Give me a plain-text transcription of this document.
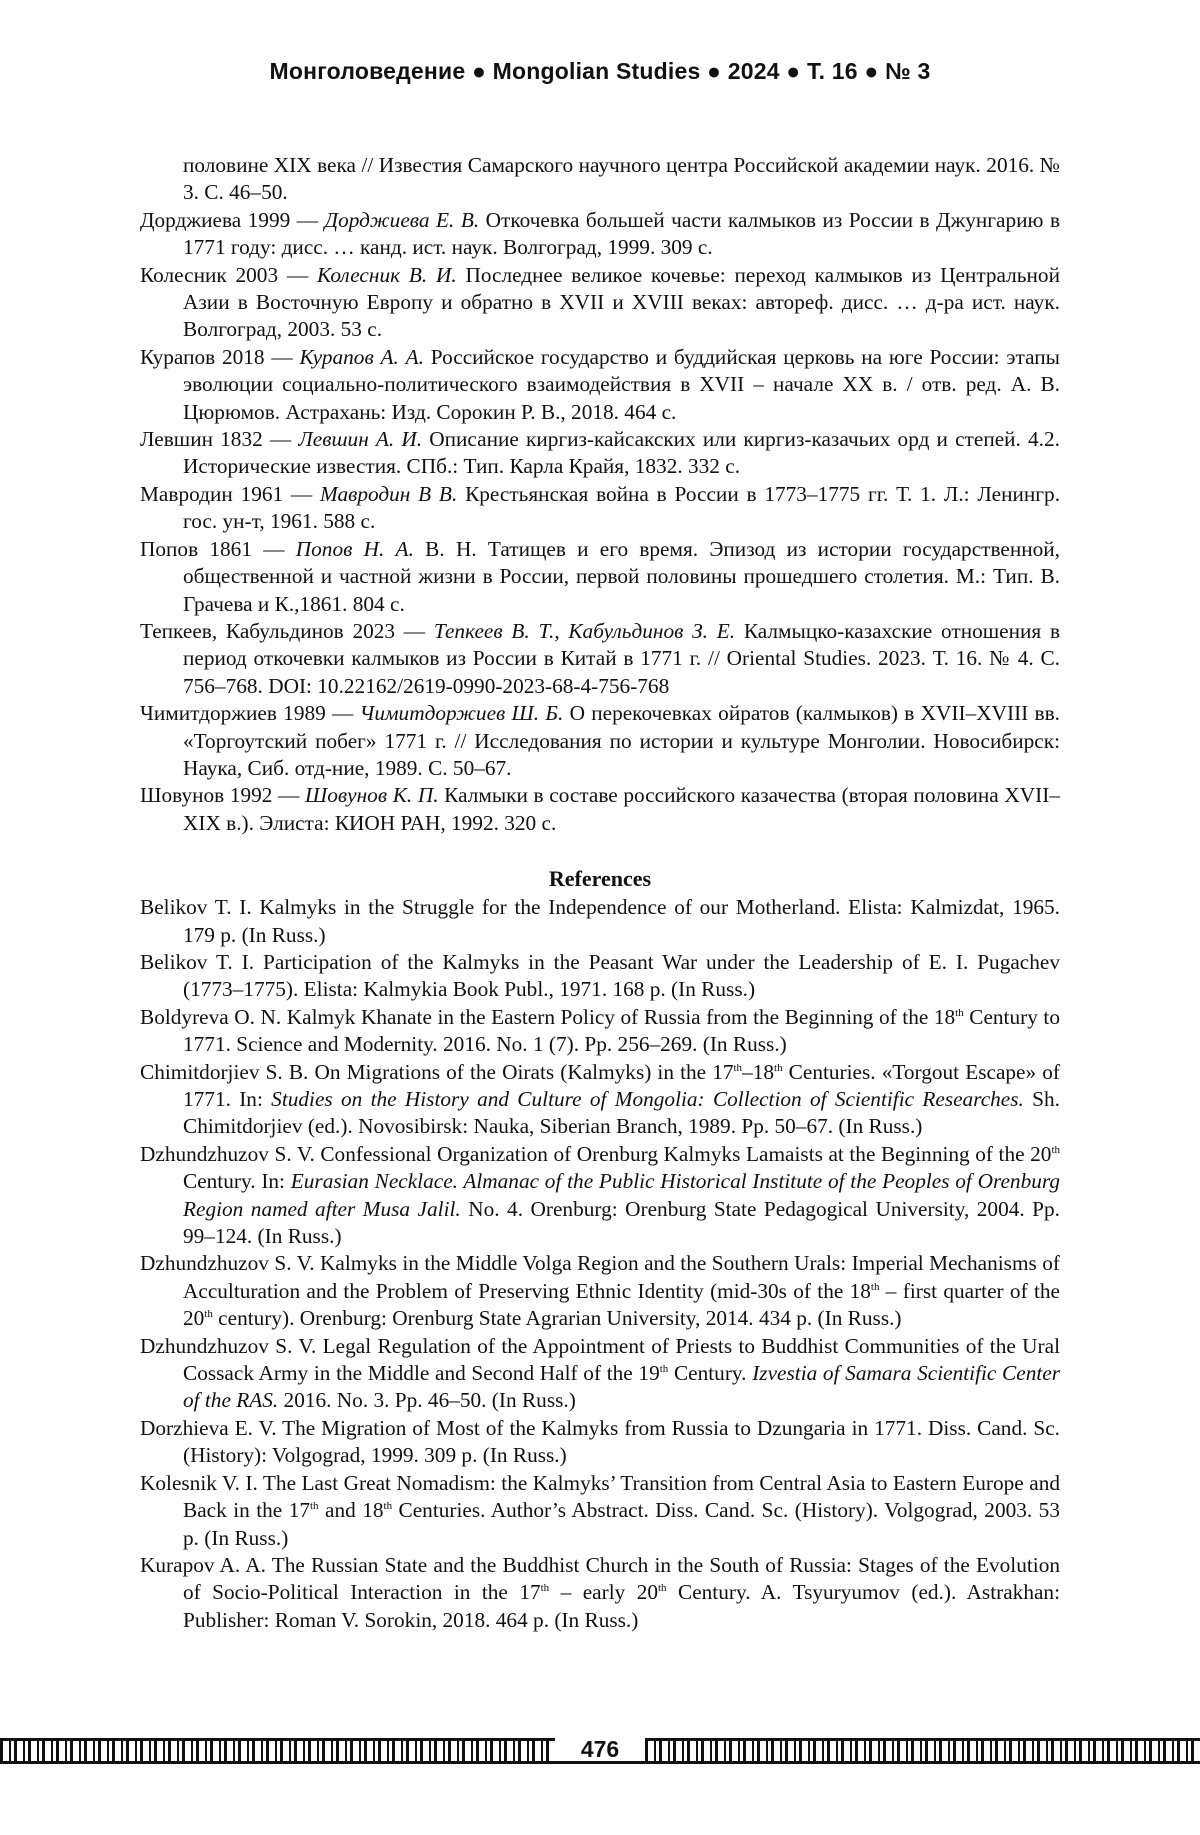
Монголоведение ● Mongolian Studies ● 2024 ● Т. 16 ● № 3

половине XIX века // Известия Самарского научного центра Российской академии наук. 2016. № 3. С. 46–50.

Дорджиева 1999 — Дорджиева Е. В. Откочевка большей части калмыков из России в Джунгарию в 1771 году: дисс. … канд. ист. наук. Волгоград, 1999. 309 с.

Колесник 2003 — Колесник В. И. Последнее великое кочевье: переход калмыков из Центральной Азии в Восточную Европу и обратно в XVII и XVIII веках: автореф. дисс. … д-ра ист. наук. Волгоград, 2003. 53 с.

Курапов 2018 — Курапов А. А. Российское государство и буддийская церковь на юге России: этапы эволюции социально-политического взаимодействия в XVII – начале XX в. / отв. ред. А. В. Цюрюмов. Астрахань: Изд. Сорокин Р. В., 2018. 464 с.

Левшин 1832 — Левшин А. И. Описание киргиз-кайсакских или киргиз-казачьих орд и степей. 4.2. Исторические известия. СПб.: Тип. Карла Крайя, 1832. 332 с.

Мавродин 1961 — Мавродин В В. Крестьянская война в России в 1773–1775 гг. Т. 1. Л.: Ленингр. гос. ун-т, 1961. 588 с.

Попов 1861 — Попов Н. А. В. Н. Татищев и его время. Эпизод из истории государственной, общественной и частной жизни в России, первой половины прошедшего столетия. М.: Тип. В. Грачева и К.,1861. 804 с.

Тепкеев, Кабульдинов 2023 — Тепкеев В. Т., Кабульдинов З. Е. Калмыцко-казахские отношения в период откочевки калмыков из России в Китай в 1771 г. // Oriental Studies. 2023. Т. 16. № 4. С. 756–768. DOI: 10.22162/2619-0990-2023-68-4-756-768

Чимитдоржиев 1989 — Чимитдоржиев Ш. Б. О перекочевках ойратов (калмыков) в XVII–XVIII вв. «Торгоутский побег» 1771 г. // Исследования по истории и культуре Монголии. Новосибирск: Наука, Сиб. отд-ние, 1989. С. 50–67.

Шовунов 1992 — Шовунов К. П. Калмыки в составе российского казачества (вторая половина XVII–XIX в.). Элиста: КИОН РАН, 1992. 320 с.

References

Belikov T. I. Kalmyks in the Struggle for the Independence of our Motherland. Elista: Kalmizdat, 1965. 179 p. (In Russ.)

Belikov T. I. Participation of the Kalmyks in the Peasant War under the Leadership of E. I. Pugachev (1773–1775). Elista: Kalmykia Book Publ., 1971. 168 p. (In Russ.)

Boldyreva O. N. Kalmyk Khanate in the Eastern Policy of Russia from the Beginning of the 18th Century to 1771. Science and Modernity. 2016. No. 1 (7). Pp. 256–269. (In Russ.)

Chimitdorjiev S. B. On Migrations of the Oirats (Kalmyks) in the 17th–18th Centuries. «Torgout Escape» of 1771. In: Studies on the History and Culture of Mongolia: Collection of Scientific Researches. Sh. Chimitdorjiev (ed.). Novosibirsk: Nauka, Siberian Branch, 1989. Pp. 50–67. (In Russ.)

Dzhundzhuzov S. V. Confessional Organization of Orenburg Kalmyks Lamaists at the Beginning of the 20th Century. In: Eurasian Necklace. Almanac of the Public Historical Institute of the Peoples of Orenburg Region named after Musa Jalil. No. 4. Orenburg: Orenburg State Pedagogical University, 2004. Pp. 99–124. (In Russ.)

Dzhundzhuzov S. V. Kalmyks in the Middle Volga Region and the Southern Urals: Imperial Mechanisms of Acculturation and the Problem of Preserving Ethnic Identity (mid-30s of the 18th – first quarter of the 20th century). Orenburg: Orenburg State Agrarian University, 2014. 434 p. (In Russ.)

Dzhundzhuzov S. V. Legal Regulation of the Appointment of Priests to Buddhist Communities of the Ural Cossack Army in the Middle and Second Half of the 19th Century. Izvestia of Samara Scientific Center of the RAS. 2016. No. 3. Pp. 46–50. (In Russ.)

Dorzhieva E. V. The Migration of Most of the Kalmyks from Russia to Dzungaria in 1771. Diss. Cand. Sc. (History): Volgograd, 1999. 309 p. (In Russ.)

Kolesnik V. I. The Last Great Nomadism: the Kalmyks’ Transition from Central Asia to Eastern Europe and Back in the 17th and 18th Centuries. Author’s Abstract. Diss. Cand. Sc. (History). Volgograd, 2003. 53 p. (In Russ.)

Kurapov A. A. The Russian State and the Buddhist Church in the South of Russia: Stages of the Evolution of Socio-Political Interaction in the 17th – early 20th Century. A. Tsyuryumov (ed.). Astrakhan: Publisher: Roman V. Sorokin, 2018. 464 p. (In Russ.)

476
